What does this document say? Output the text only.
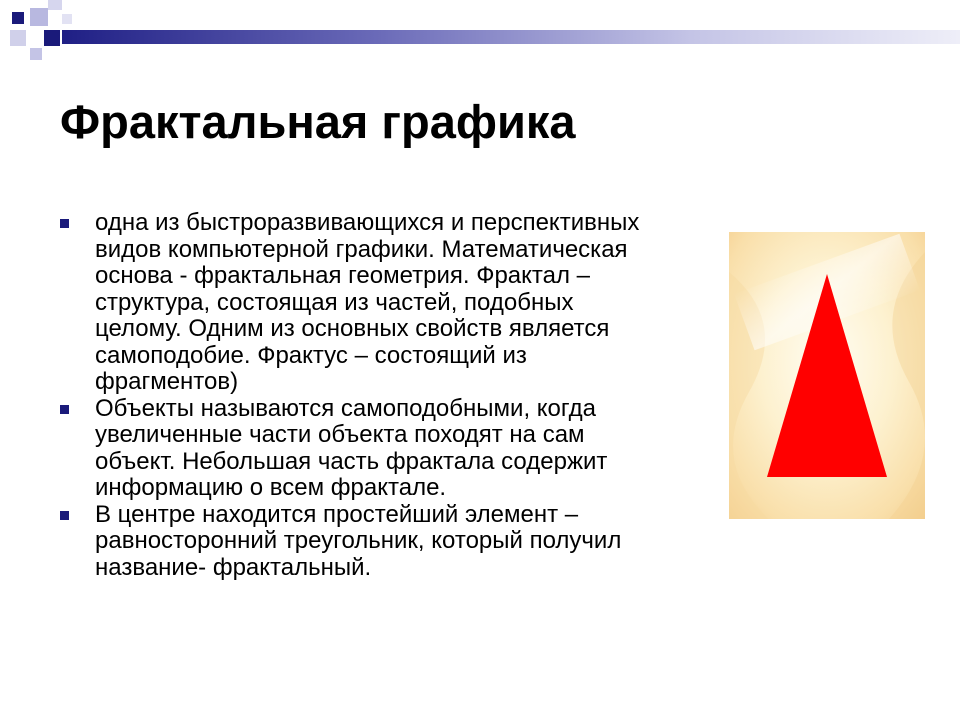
Фрактальная графика
одна из быстроразвивающихся и перспективных
видов компьютерной графики. Математическая
основа - фрактальная геометрия. Фрактал –
структура, состоящая из частей, подобных
целому. Одним из основных свойств является
самоподобие. Фрактус – состоящий из
фрагментов)
Объекты называются самоподобными, когда
увеличенные части объекта походят на сам
объект. Небольшая часть фрактала содержит
информацию о всем фрактале.
В центре находится простейший элемент –
равносторонний треугольник, который получил
название- фрактальный.
